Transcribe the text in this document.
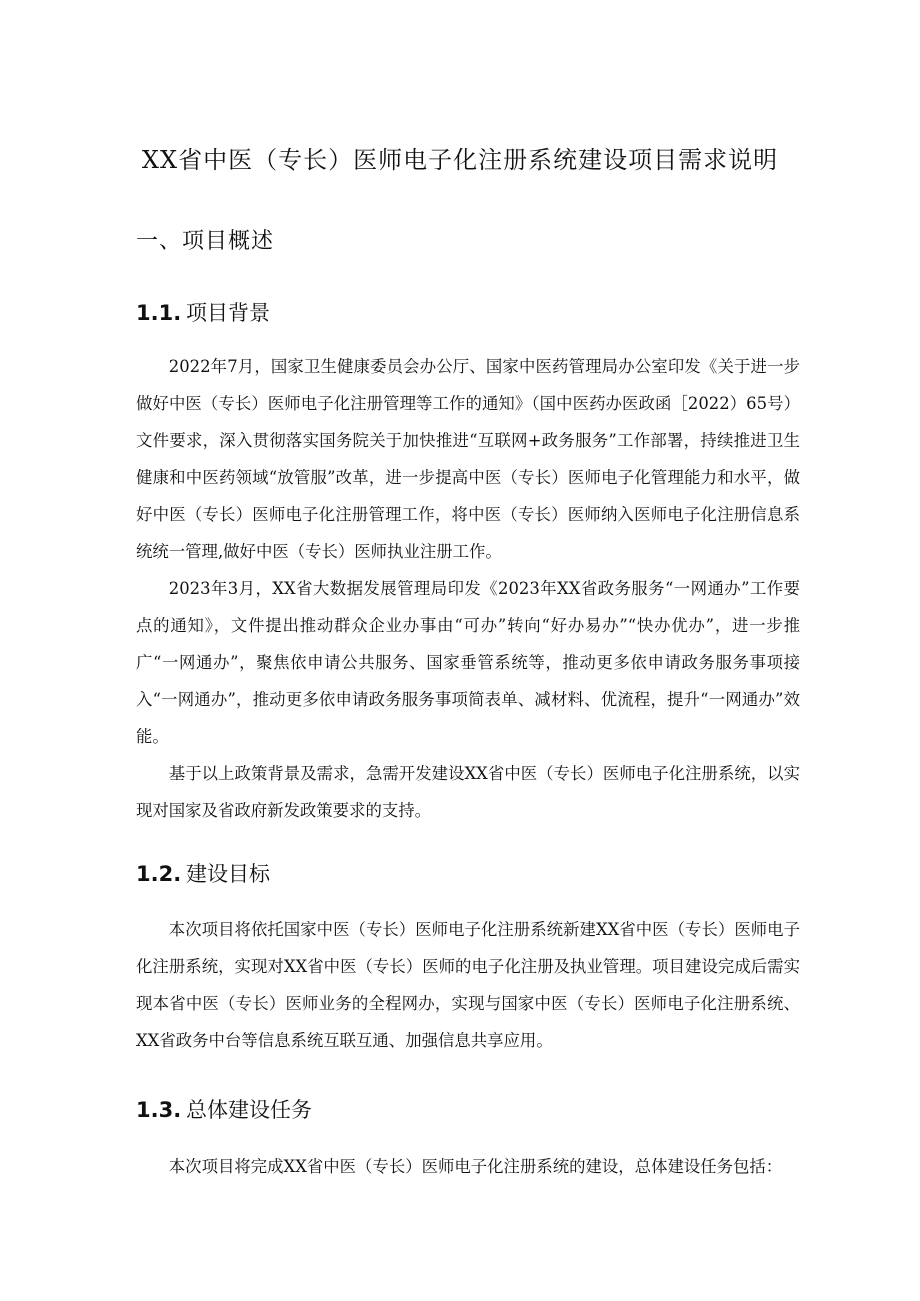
XX省中医（专长）医师电子化注册系统建设项目需求说明
一、项目概述
1.1. 项目背景

2022年7月，国家卫生健康委员会办公厅、国家中医药管理局办公室印发《关于进一步做好中医（专长）医师电子化注册管理等工作的通知》（国中医药办医政函［2022）65号）文件要求，深入贯彻落实国务院关于加快推进“互联网+政务服务”工作部署，持续推进卫生健康和中医药领域“放管服”改革，进一步提高中医（专长）医师电子化管理能力和水平，做好中医（专长）医师电子化注册管理工作，将中医（专长）医师纳入医师电子化注册信息系统统一管理,做好中医（专长）医师执业注册工作。

2023年3月，XX省大数据发展管理局印发《2023年XX省政务服务“一网通办”工作要点的通知》，文件提出推动群众企业办事由“可办”转向“好办易办”“快办优办”，进一步推广“一网通办”，聚焦依申请公共服务、国家垂管系统等，推动更多依申请政务服务事项接入“一网通办”，推动更多依申请政务服务事项简表单、减材料、优流程，提升“一网通办”效能。

基于以上政策背景及需求，急需开发建设XX省中医（专长）医师电子化注册系统，以实现对国家及省政府新发政策要求的支持。

1.2. 建设目标

本次项目将依托国家中医（专长）医师电子化注册系统新建XX省中医（专长）医师电子化注册系统，实现对XX省中医（专长）医师的电子化注册及执业管理。项目建设完成后需实现本省中医（专长）医师业务的全程网办，实现与国家中医（专长）医师电子化注册系统、XX省政务中台等信息系统互联互通、加强信息共享应用。

1.3. 总体建设任务

本次项目将完成XX省中医（专长）医师电子化注册系统的建设，总体建设任务包括：
